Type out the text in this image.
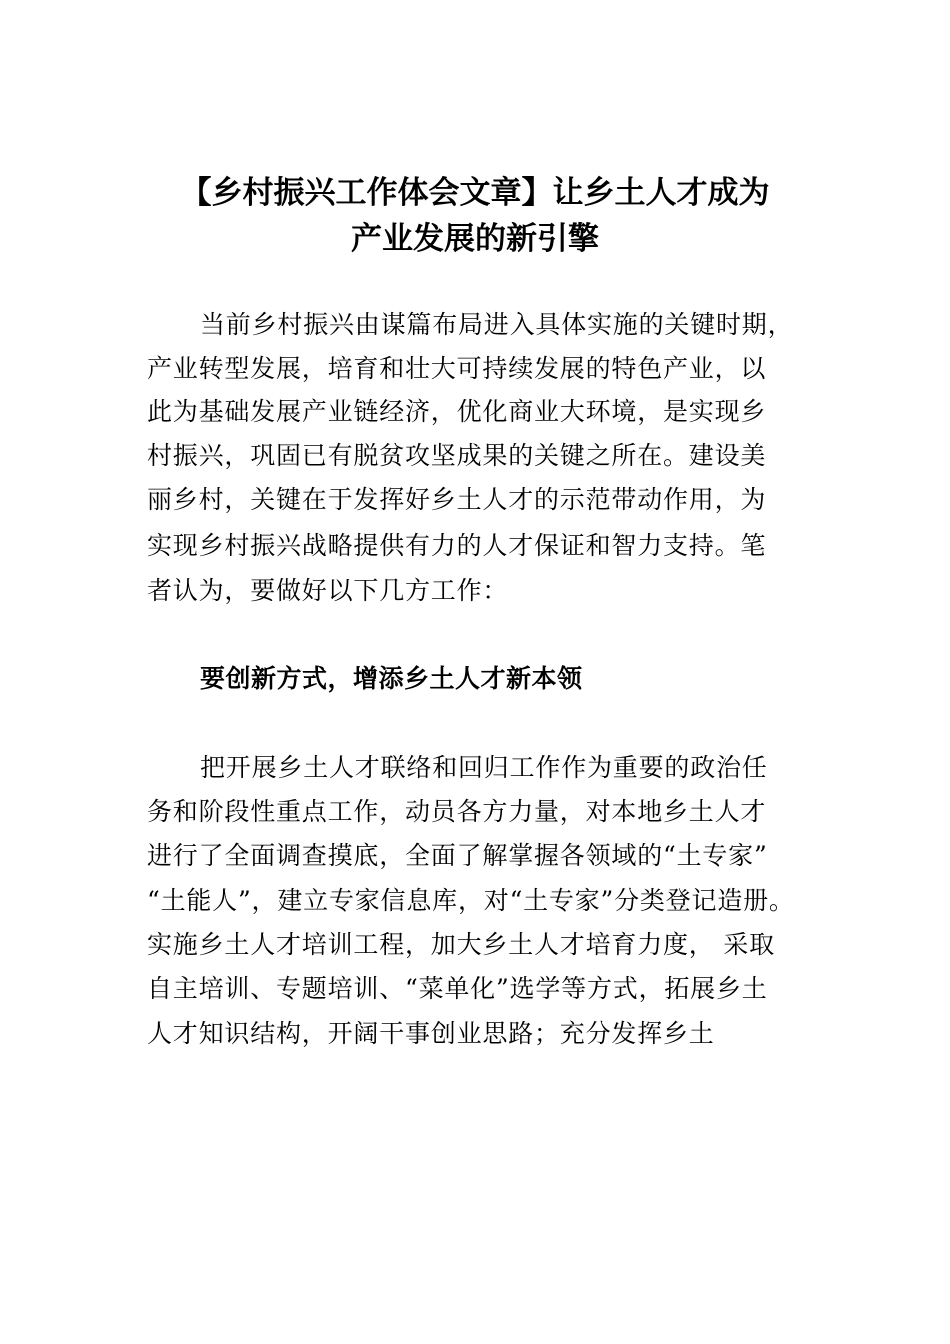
【乡村振兴工作体会文章】让乡土人才成为
产业发展的新引擎
当前乡村振兴由谋篇布局进入具体实施的关键时期，
产业转型发展，培育和壮大可持续发展的特色产业，以
此为基础发展产业链经济，优化商业大环境，是实现乡
村振兴，巩固已有脱贫攻坚成果的关键之所在。建设美
丽乡村，关键在于发挥好乡土人才的示范带动作用，为
实现乡村振兴战略提供有力的人才保证和智力支持。笔
者认为，要做好以下几方工作：
要创新方式，增添乡土人才新本领
把开展乡土人才联络和回归工作作为重要的政治任
务和阶段性重点工作，动员各方力量，对本地乡土人才
进行了全面调查摸底，全面了解掌握各领域的“土专家”
“土能人”，建立专家信息库，对“土专家”分类登记造册。
实施乡土人才培训工程，加大乡土人才培育力度， 采取
自主培训、专题培训、“菜单化”选学等方式，拓展乡土
人才知识结构，开阔干事创业思路；充分发挥乡土
